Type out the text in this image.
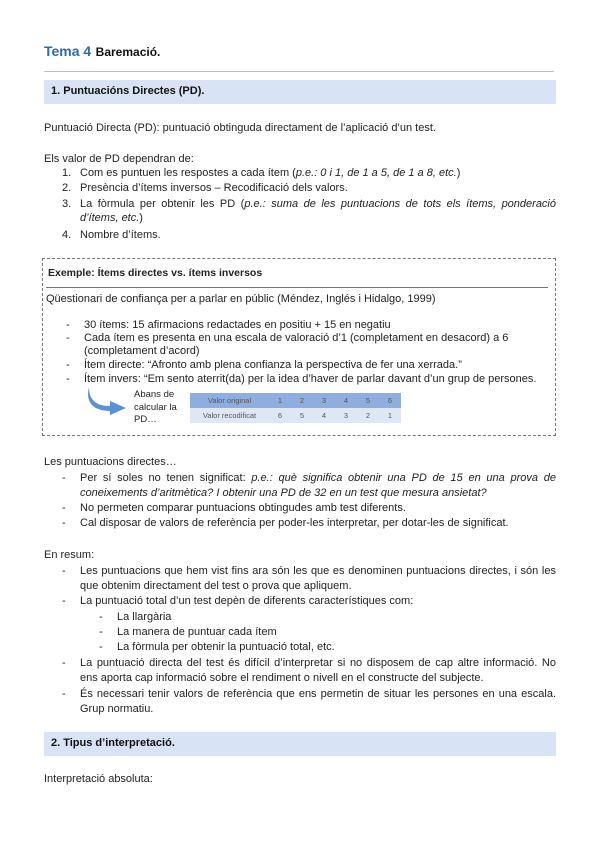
Tema 4 Baremació.
1. Puntuacións Directes (PD).
Puntuació Directa (PD): puntuació obtinguda directament de l’aplicació d’un test.
Els valor de PD dependran de:
1. Com es puntuen les respostes a cada ítem (p.e.: 0 i 1, de 1 a 5, de 1 a 8, etc.)
2. Presència d’ítems inversos – Recodificació dels valors.
3. La fòrmula per obtenir les PD (p.e.: suma de les puntuacions de tots els ítems, ponderació
d’ítems, etc.)
4. Nombre d’ítems.
Exemple: Ítems directes vs. ítems inversos
Qüestionari de confiança per a parlar en públic (Méndez, Inglés i Hidalgo, 1999)
- 30 ítems: 15 afirmacions redactades en positiu + 15 en negatiu
- Cada ítem es presenta en una escala de valoració d’1 (completament en desacord) a 6
(completament d’acord)
- Ítem directe: “Afronto amb plena confianza la perspectiva de fer una xerrada.”
- Ítem invers: “Em sento aterrit(da) per la idea d’haver de parlar davant d’un grup de persones.
Abans de
calcular la
PD…
Valor original	1	2	3	4	5	6
Valor recodificat	6	5	4	3	2	1
Les puntuacions directes…
- Per sí soles no tenen significat: p.e.: què significa obtenir una PD de 15 en una prova de
coneixements d’aritmètica? I obtenir una PD de 32 en un test que mesura ansietat?
- No permeten comparar puntuacions obtingudes amb test diferents.
- Cal disposar de valors de referència per poder-les interpretar, per dotar-les de significat.
En resum:
- Les puntuacions que hem vist fins ara són les que es denominen puntuacions directes, i són les
que obtenim directament del test o prova que apliquem.
- La puntuació total d’un test depèn de diferents característiques com:
- La llargària
- La manera de puntuar cada ítem
- La fòrmula per obtenir la puntuació total, etc.
- La puntuació directa del test és difícil d’interpretar si no disposem de cap altre informació. No
ens aporta cap informació sobre el rendiment o nivell en el constructe del subjecte.
- És necessari tenir valors de referència que ens permetin de situar les persones en una escala.
Grup normatiu.
2. Tipus d’interpretació.
Interpretació absoluta:
